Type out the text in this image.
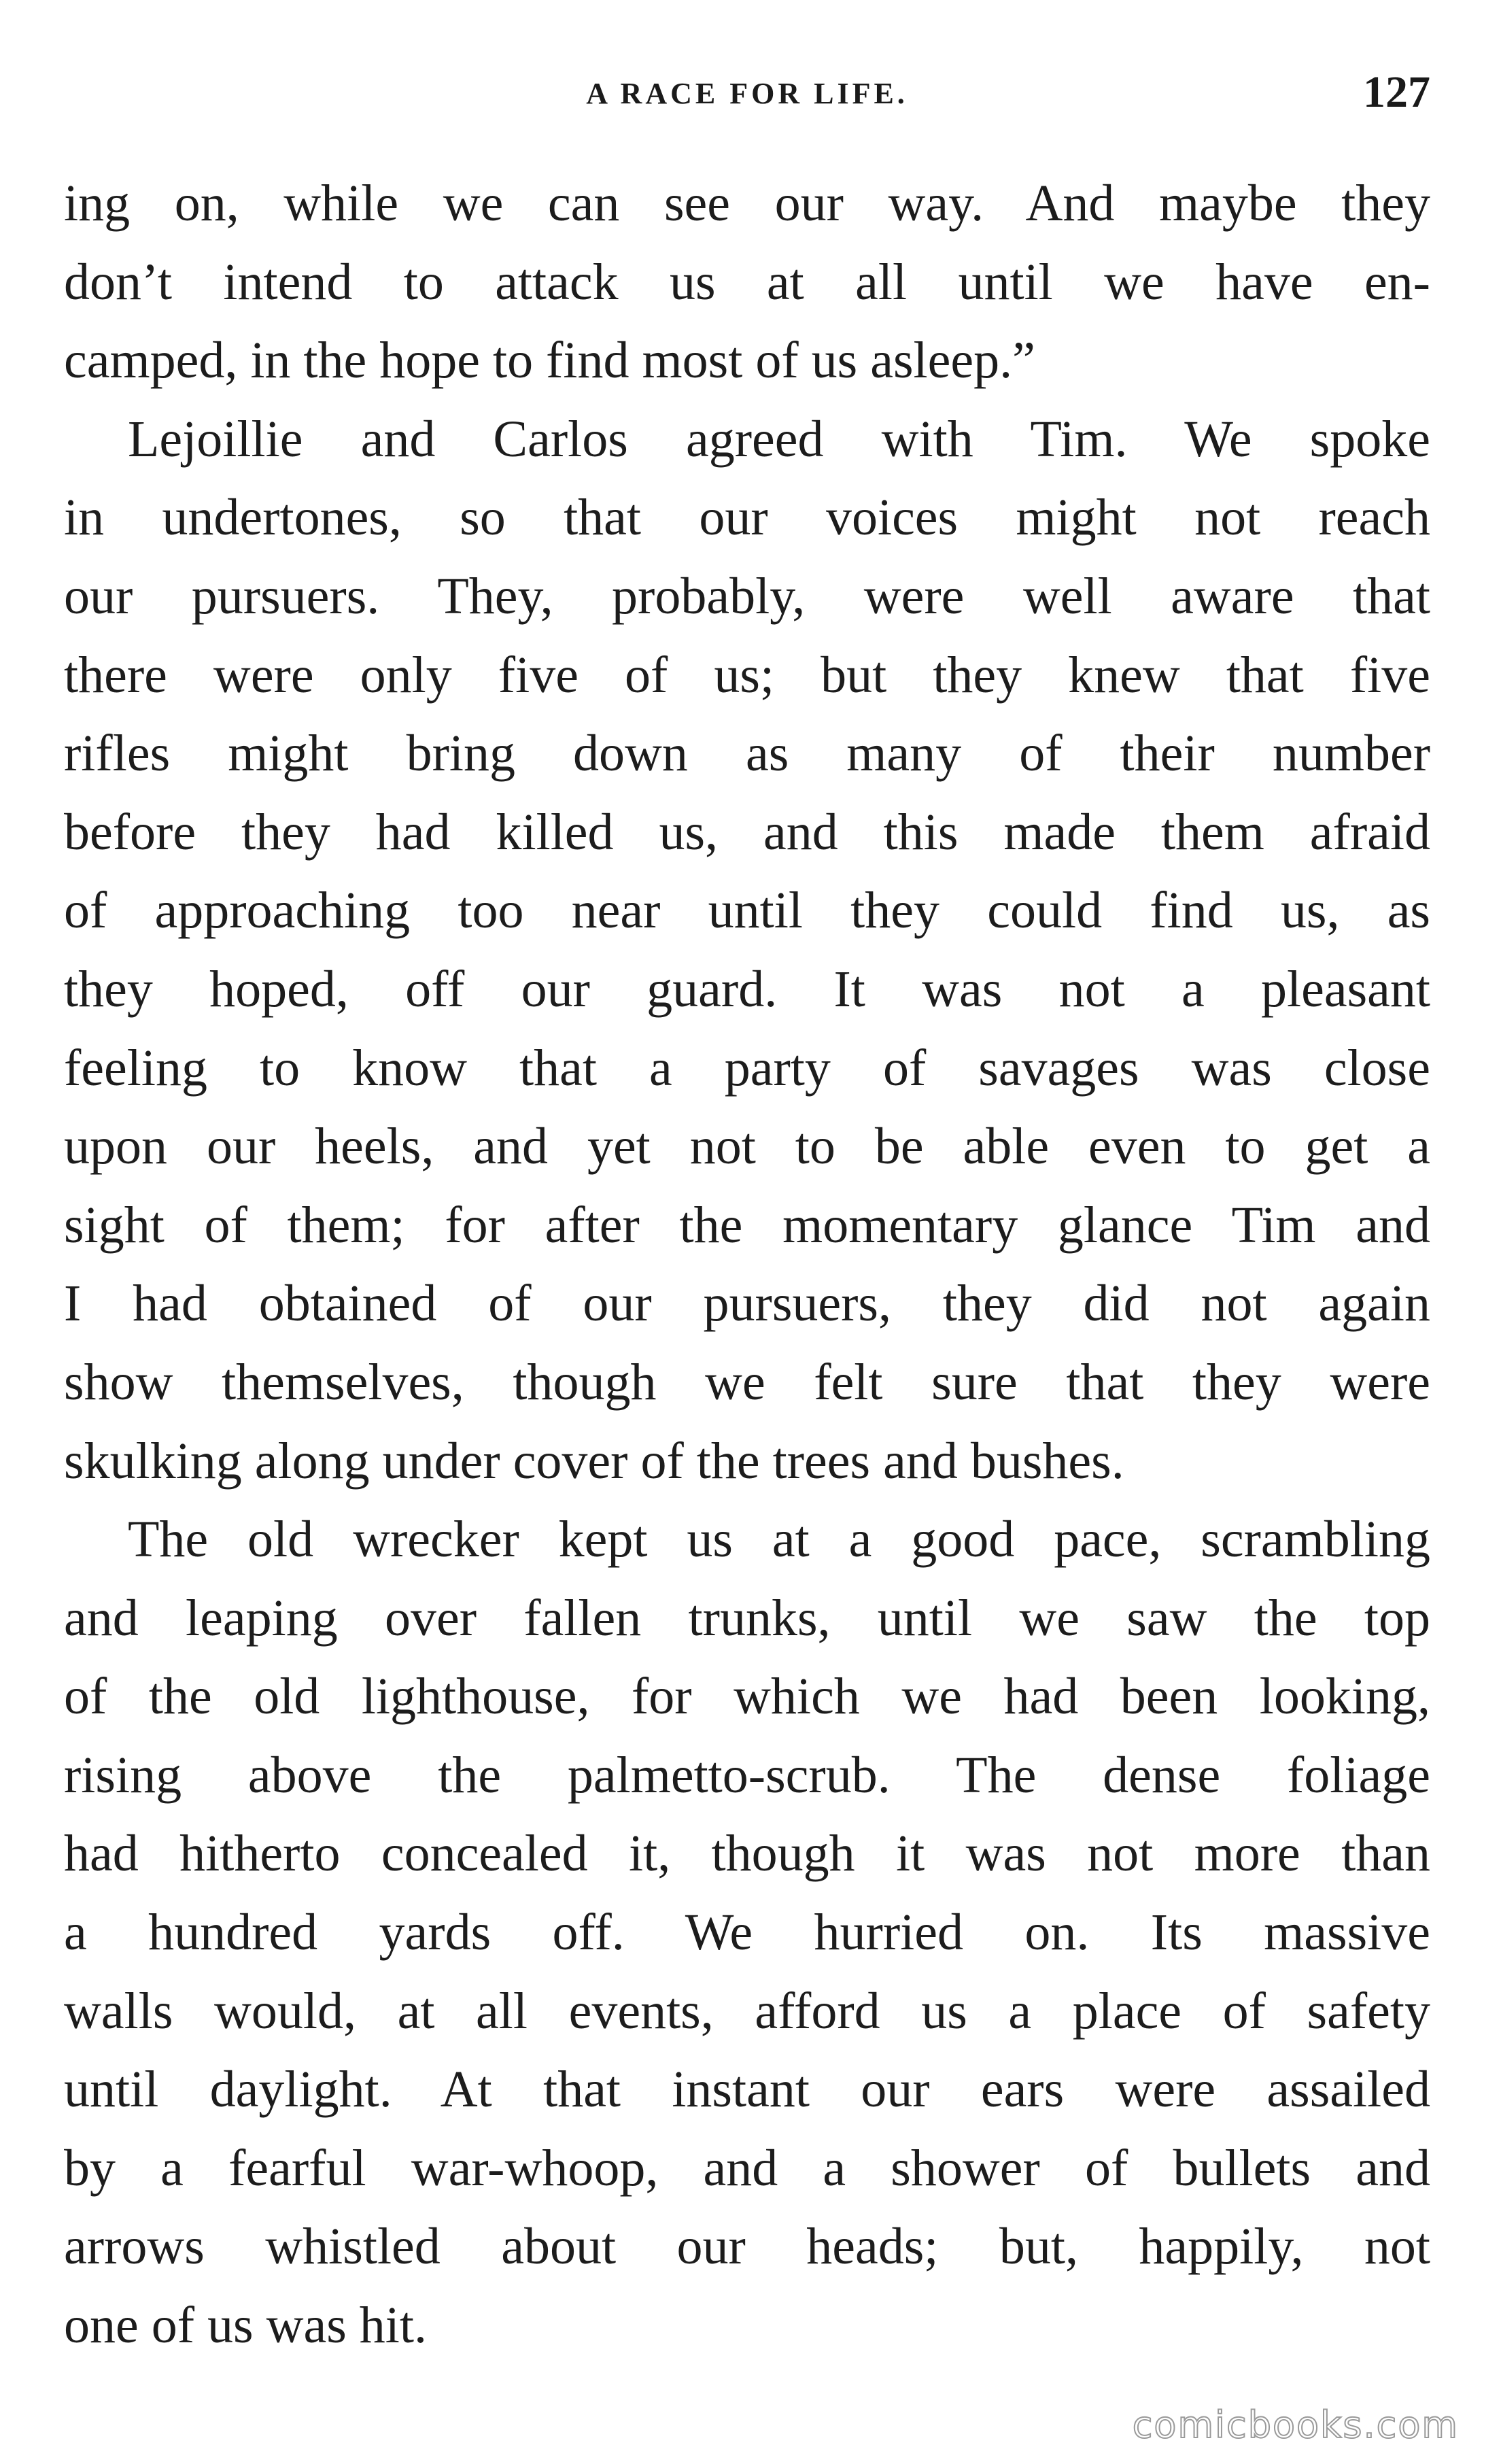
A RACE FOR LIFE.	127
ing on, while we can see our way. And maybe they
don’t intend to attack us at all until we have en-
camped, in the hope to find most of us asleep.”
Lejoillie and Carlos agreed with Tim. We spoke
in undertones, so that our voices might not reach
our pursuers. They, probably, were well aware that
there were only five of us; but they knew that five
rifles might bring down as many of their number
before they had killed us, and this made them afraid
of approaching too near until they could find us, as
they hoped, off our guard. It was not a pleasant
feeling to know that a party of savages was close
upon our heels, and yet not to be able even to get a
sight of them; for after the momentary glance Tim and
I had obtained of our pursuers, they did not again
show themselves, though we felt sure that they were
skulking along under cover of the trees and bushes.
The old wrecker kept us at a good pace, scrambling
and leaping over fallen trunks, until we saw the top
of the old lighthouse, for which we had been looking,
rising above the palmetto-scrub. The dense foliage
had hitherto concealed it, though it was not more than
a hundred yards off. We hurried on. Its massive
walls would, at all events, afford us a place of safety
until daylight. At that instant our ears were assailed
by a fearful war-whoop, and a shower of bullets and
arrows whistled about our heads; but, happily, not
one of us was hit.
comicbooks.com
